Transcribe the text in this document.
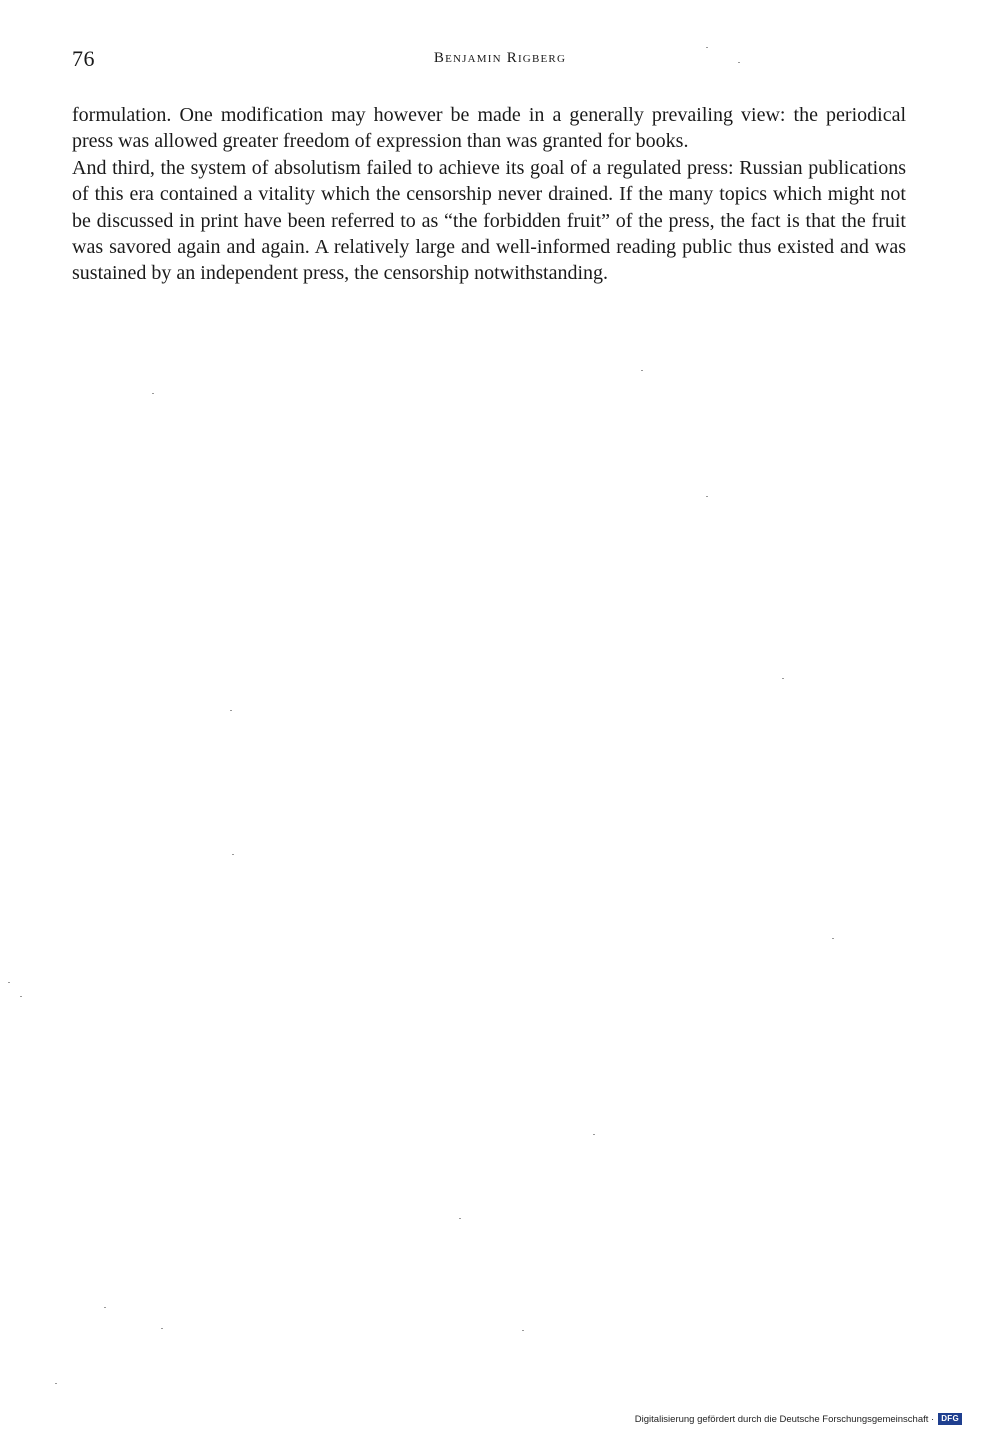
76	Benjamin Rigberg

formulation. One modification may however be made in a generally prevailing view: the periodical press was allowed greater freedom of expression than was granted for books.

And third, the system of absolutism failed to achieve its goal of a regulated press: Russian publications of this era contained a vitality which the censorship never drained. If the many topics which might not be discussed in print have been referred to as “the forbidden fruit” of the press, the fact is that the fruit was savored again and again. A relatively large and well-informed reading public thus existed and was sustained by an independent press, the censorship notwithstanding.

Digitalisierung gefördert durch die Deutsche Forschungsgemeinschaft · DFG
